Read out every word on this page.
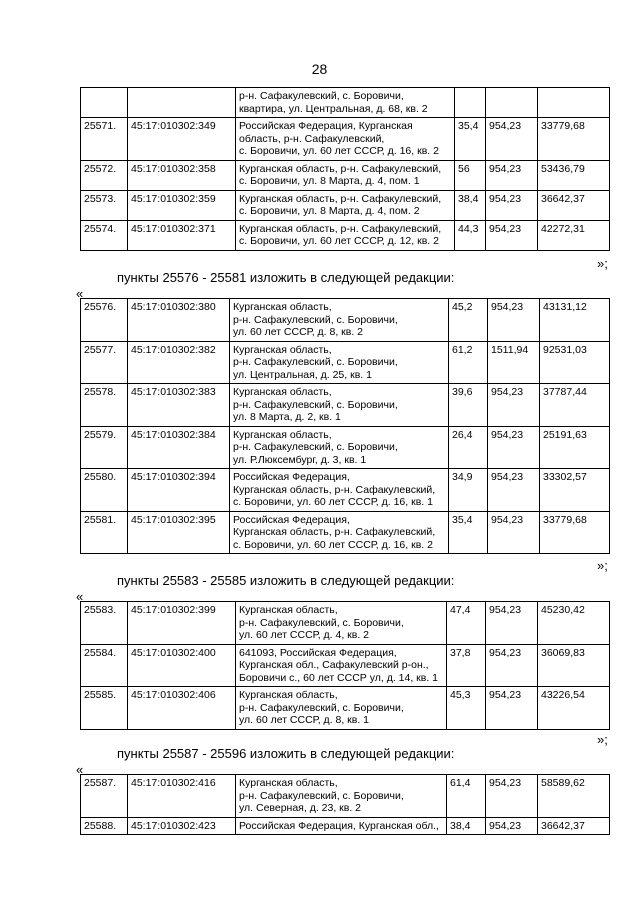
28

		р-н. Сафакулевский, с. Боровичи,
квартира, ул. Центральная, д. 68, кв. 2			

25571.	45:17:010302:349	Российская Федерация, Курганская
область, р-н. Сафакулевский,
с. Боровичи, ул. 60 лет СССР, д. 16, кв. 2	35,4	954,23	33779,68
25572.	45:17:010302:358	Курганская область, р-н. Сафакулевский,
с. Боровичи, ул. 8 Марта, д. 4, пом. 1	56	954,23	53436,79
25573.	45:17:010302:359	Курганская область, р-н. Сафакулевский,
с. Боровичи, ул. 8 Марта, д. 4, пом. 2	38,4	954,23	36642,37
25574.	45:17:010302:371	Курганская область, р-н. Сафакулевский,
с. Боровичи, ул. 60 лет СССР, д. 12, кв. 2	44,3	954,23	42272,31
»;
пункты 25576 - 25581 изложить в следующей редакции:
«
25576.	45:17:010302:380	Курганская область,
р-н. Сафакулевский, с. Боровичи,
ул. 60 лет СССР, д. 8, кв. 2	45,2	954,23	43131,12
25577.	45:17:010302:382	Курганская область,
р-н. Сафакулевский, с. Боровичи,
ул. Центральная, д. 25, кв. 1	61,2	1511,94	92531,03
25578.	45:17:010302:383	Курганская область,
р-н. Сафакулевский, с. Боровичи,
ул. 8 Марта, д. 2, кв. 1	39,6	954,23	37787,44
25579.	45:17:010302:384	Курганская область,
р-н. Сафакулевский, с. Боровичи,
ул. Р.Люксембург, д. 3, кв. 1	26,4	954,23	25191,63
25580.	45:17:010302:394	Российская Федерация,
Курганская область, р-н. Сафакулевский,
с. Боровичи, ул. 60 лет СССР, д. 16, кв. 1	34,9	954,23	33302,57
25581.	45:17:010302:395	Российская Федерация,
Курганская область, р-н. Сафакулевский,
с. Боровичи, ул. 60 лет СССР, д. 16, кв. 2	35,4	954,23	33779,68
»;
пункты 25583 - 25585 изложить в следующей редакции:
«
25583.	45:17:010302:399	Курганская область,
р-н. Сафакулевский, с. Боровичи,
ул. 60 лет СССР, д. 4, кв. 2	47,4	954,23	45230,42
25584.	45:17:010302:400	641093, Российская Федерация,
Курганская обл., Сафакулевский р-он.,
Боровичи с., 60 лет СССР ул, д. 14, кв. 1	37,8	954,23	36069,83
25585.	45:17:010302:406	Курганская область,
р-н. Сафакулевский, с. Боровичи,
ул. 60 лет СССР, д. 8, кв. 1	45,3	954,23	43226,54
»;
пункты 25587 - 25596 изложить в следующей редакции:
«
25587.	45:17:010302:416	Курганская область,
р-н. Сафакулевский, с. Боровичи,
ул. Северная, д. 23, кв. 2	61,4	954,23	58589,62
25588.	45:17:010302:423	Российская Федерация, Курганская обл.,	38,4	954,23	36642,37
